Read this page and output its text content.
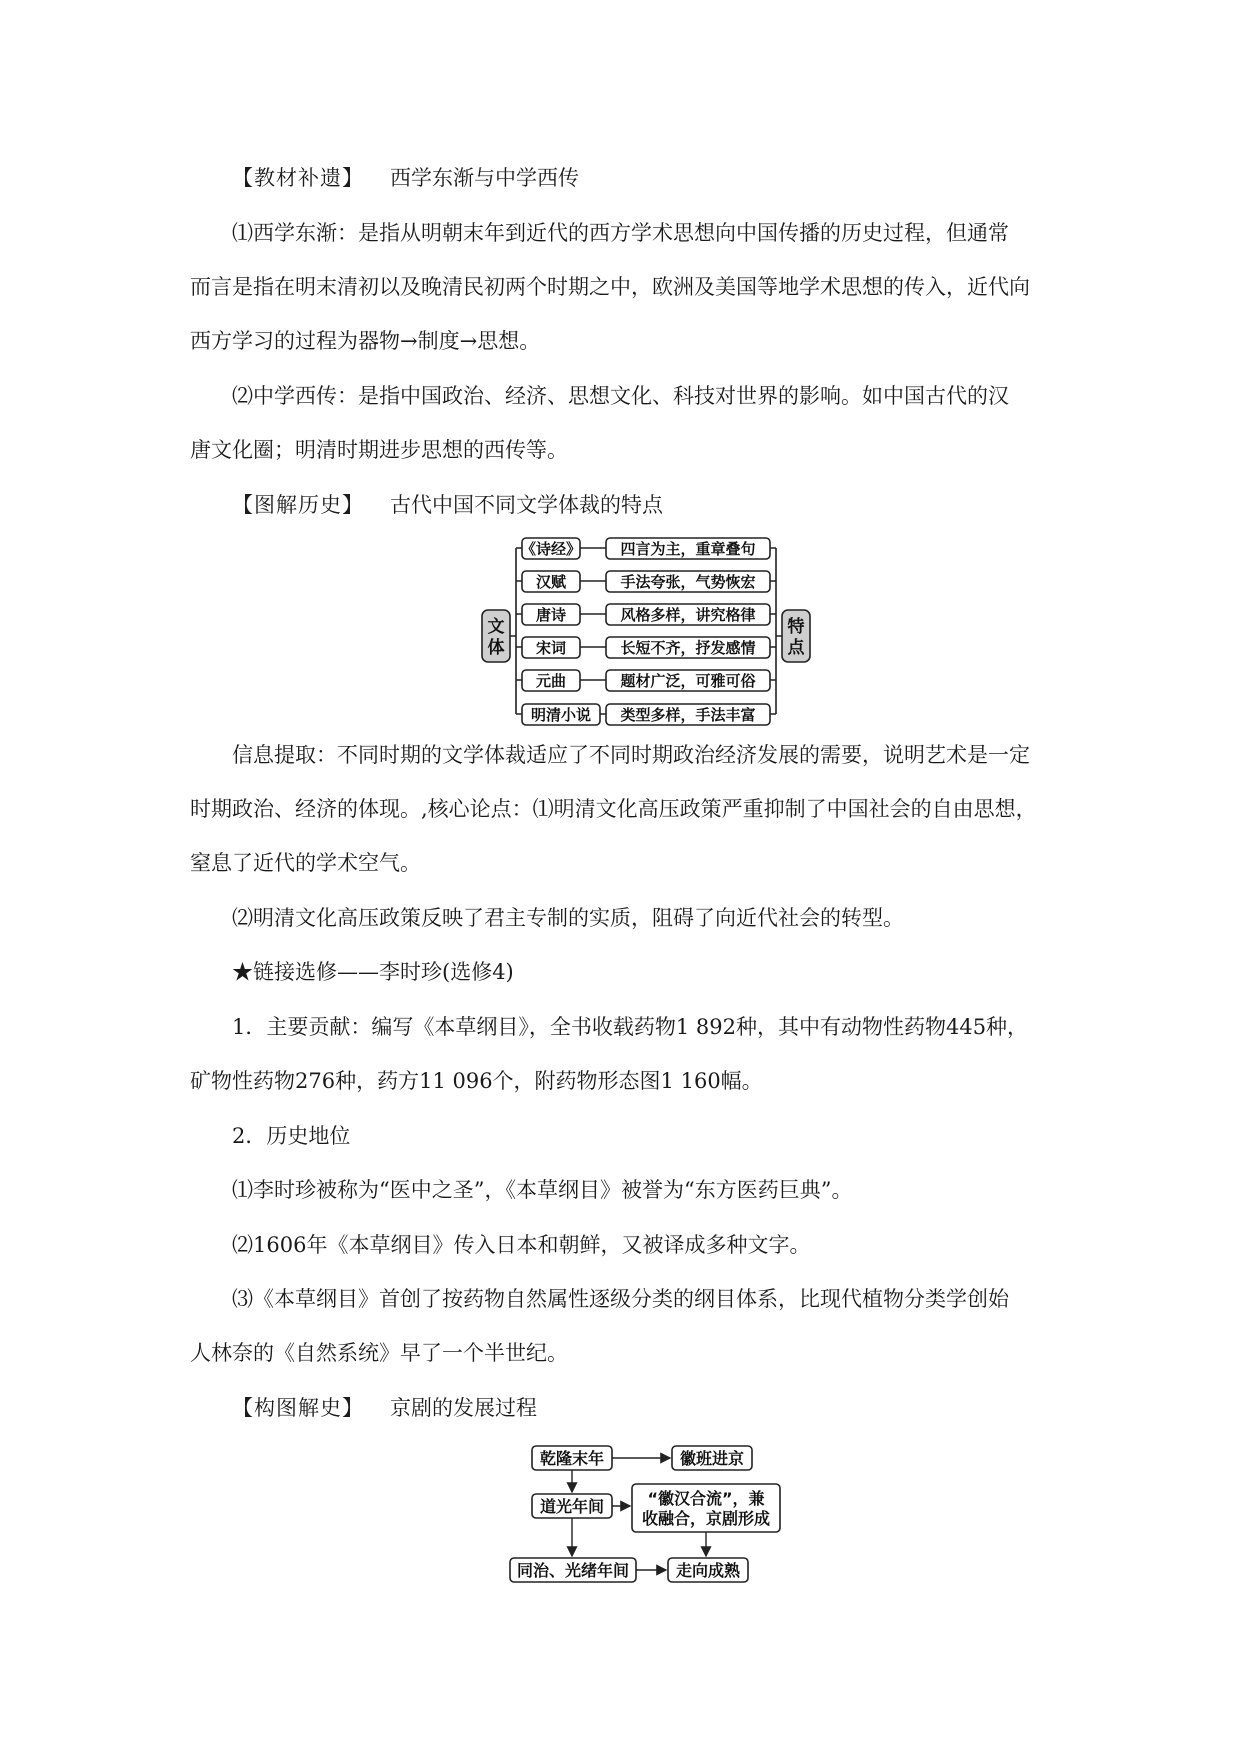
【教材补遗】 西学东渐与中学西传
⑴西学东渐：是指从明朝末年到近代的西方学术思想向中国传播的历史过程，但通常
而言是指在明末清初以及晚清民初两个时期之中，欧洲及美国等地学术思想的传入，近代向
西方学习的过程为器物→制度→思想。
⑵中学西传：是指中国政治、经济、思想文化、科技对世界的影响。如中国古代的汉
唐文化圈；明清时期进步思想的西传等。
【图解历史】 古代中国不同文学体裁的特点
文
体
特
点
《诗经》	四言为主，重章叠句
汉赋	手法夸张，气势恢宏
唐诗	风格多样，讲究格律
宋词	长短不齐，抒发感情
元曲	题材广泛，可雅可俗
明清小说 类型多样，手法丰富
信息提取：不同时期的文学体裁适应了不同时期政治经济发展的需要，说明艺术是一定
时期政治、经济的体现。,核心论点：⑴明清文化高压政策严重抑制了中国社会的自由思想，
窒息了近代的学术空气。
⑵明清文化高压政策反映了君主专制的实质，阻碍了向近代社会的转型。
★链接选修——李时珍(选修4)
1．主要贡献：编写《本草纲目》，全书收载药物1 892种，其中有动物性药物445种，
矿物性药物276种，药方11 096个，附药物形态图1 160幅。
2．历史地位
⑴李时珍被称为“医中之圣”，《本草纲目》被誉为“东方医药巨典”。
⑵1606年《本草纲目》传入日本和朝鲜，又被译成多种文字。
⑶《本草纲目》首创了按药物自然属性逐级分类的纲目体系，比现代植物分类学创始
人林奈的《自然系统》早了一个半世纪。
【构图解史】 京剧的发展过程
乾隆末年	徽班进京
道光年间	“徽汉合流”，兼
收融合，京剧形成
同治、光绪年间	走向成熟
